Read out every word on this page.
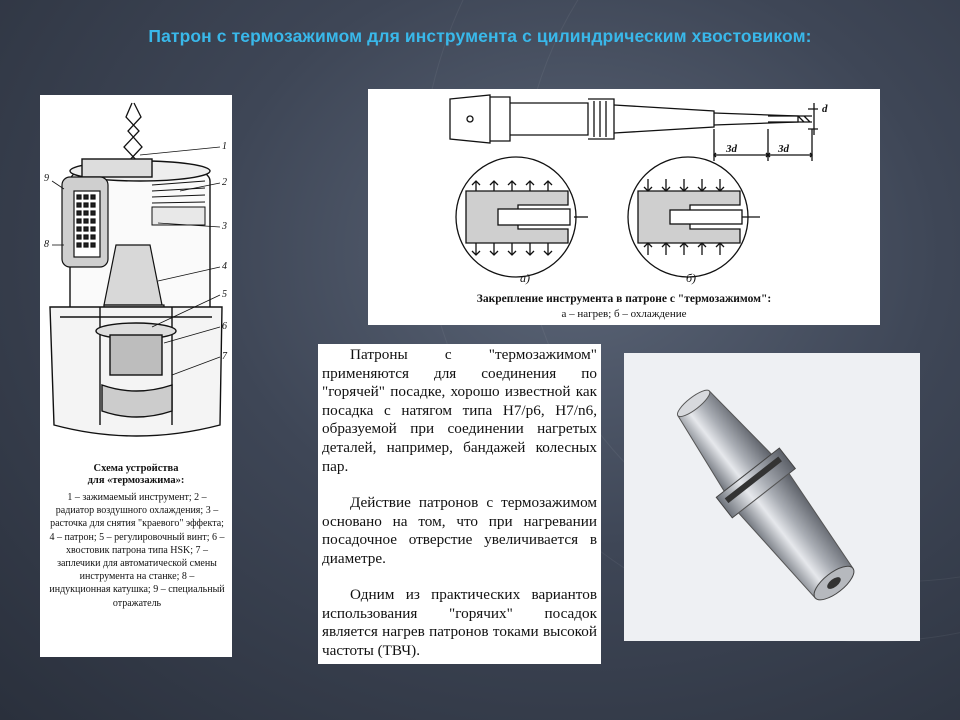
Патрон с термозажимом для инструмента с цилиндрическим хвостовиком:
1
2
3
4
5
6
7
8
9
Схема устройства
для «термозажима»:
1 – зажимаемый инструмент; 2 – радиатор воздушного охлаждения; 3 – расточка для снятия "краевого" эффекта; 4 – патрон; 5 – регулировочный винт; 6 – хвостовик патрона типа HSK; 7 – заплечики для автоматической смены инструмента на станке; 8 – индукционная катушка; 9 – специальный отражатель
3d	3d
d
а)	б)
Закрепление инструмента в патроне с "термозажимом":
а – нагрев; б – охлаждение
Патроны с "термозажимом" применяются для соединения по "горячей" посадке, хорошо известной как посадка с натягом типа H7/p6, H7/n6, образуемой при соединении нагретых деталей, например, бандажей колесных пар.
Действие патронов с термозажимом основано на том, что при нагревании посадочное отверстие увеличивается в диаметре.
Одним из практических вариантов использования "горячих" посадок является нагрев патронов токами высокой частоты (ТВЧ).
